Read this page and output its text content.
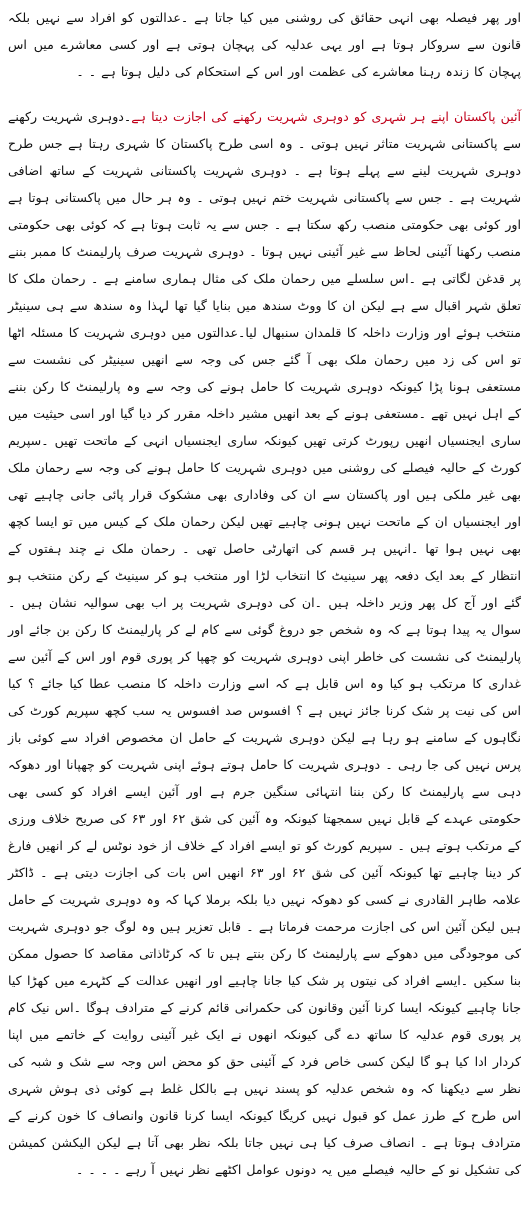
اور پھر فیصلہ بھی انہی حقائق کی روشنی میں کیا جاتا ہے ۔عدالتوں کو افراد سے نہیں بلکہ قانون سے سروکار ہوتا ہے اور یہی عدلیہ کی پہچان ہوتی ہے اور کسی معاشرے میں اس پہچان کا زندہ رہنا معاشرے کی عظمت اور اس کے استحکام کی دلیل ہوتا ہے ۔ ۔

آئین پاکستان اپنے ہر شہری کو دوہری شہریت رکھنے کی اجازت دیتا ہے۔دوہری شہریت رکھنے سے پاکستانی شہریت متاثر نہیں ہوتی ۔ وہ اسی طرح پاکستان کا شہری رہتا ہے جس طرح دوہری شہریت لینے سے پہلے ہوتا ہے ۔ دوہری شہریت پاکستانی شہریت کے ساتھ اضافی شہریت ہے ۔ جس سے پاکستانی شہریت ختم نہیں ہوتی ۔ وہ ہر حال میں پاکستانی ہوتا ہے اور کوئی بھی حکومتی منصب رکھ سکتا ہے ۔ جس سے یہ ثابت ہوتا ہے کہ کوئی بھی حکومتی منصب رکھنا آئینی لحاظ سے غیر آئینی نہیں ہوتا ۔ دوہری شہریت صرف پارلیمنٹ کا ممبر بننے پر قدغن لگاتی ہے ۔اس سلسلے میں رحمان ملک کی مثال ہماری سامنے ہے ۔ رحمان ملک کا تعلق شہر اقبال سے ہے لیکن ان کا ووٹ سندھ میں بنایا گیا تھا لہذا وہ سندھ سے ہی سینیٹر منتخب ہوئے اور وزارت داخلہ کا قلمدان سنبھال لیا۔عدالتوں میں دوہری شہریت کا مسئلہ اٹھا تو اس کی زد میں رحمان ملک بھی آ گئے جس کی وجہ سے انھیں سینیٹر کی نشست سے مستعفی ہونا پڑا کیونکہ دوہری شہریت کا حامل ہونے کی وجہ سے وہ پارلیمنٹ کا رکن بننے کے اہل نہیں تھے ۔مستعفی ہونے کے بعد انھیں مشیر داخلہ مقرر کر دیا گیا اور اسی حیثیت میں ساری ایجنسیاں انھیں رپورٹ کرتی تھیں کیونکہ ساری ایجنسیاں انہی کے ماتحت تھیں ۔سپریم کورٹ کے حالیہ فیصلے کی روشنی میں دوہری شہریت کا حامل ہونے کی وجہ سے رحمان ملک بھی غیر ملکی ہیں اور پاکستان سے ان کی وفاداری بھی مشکوک قرار پائی جانی چاہیے تھی اور ایجنسیاں ان کے ماتحت نہیں ہونی چاہیے تھیں لیکن رحمان ملک کے کیس میں تو ایسا کچھ بھی نہیں ہوا تھا ۔انہیں ہر قسم کی اتھارٹی حاصل تھی ۔ رحمان ملک نے چند ہفتوں کے انتظار کے بعد ایک دفعہ پھر سینیٹ کا انتخاب لڑا اور منتخب ہو کر سینیٹ کے رکن منتخب ہو گئے اور آج کل پھر وزیر داخلہ ہیں ۔ان کی دوہری شہریت پر اب بھی سوالیہ نشان ہیں ۔ سوال یہ پیدا ہوتا ہے کہ وہ شخص جو دروغ گوئی سے کام لے کر پارلیمنٹ کا رکن بن جائے اور پارلیمنٹ کی نشست کی خاطر اپنی دوہری شہریت کو چھپا کر پوری قوم اور اس کے آئین سے غداری کا مرتکب ہو کیا وہ اس قابل ہے کہ اسے وزارت داخلہ کا منصب عطا کیا جائے ؟ کیا اس کی نیت پر شک کرنا جائز نہیں ہے ؟ افسوس صد افسوس یہ سب کچھ سپریم کورٹ کی نگاہوں کے سامنے ہو رہا ہے لیکن دوہری شہریت کے حامل ان مخصوص افراد سے کوئی باز پرس نہیں کی جا رہی ۔ دوہری شہریت کا حامل ہوتے ہوئے اپنی شہریت کو چھپانا اور دھوکہ دہی سے پارلیمنٹ کا رکن بننا انتہائی سنگین جرم ہے اور آئین ایسے افراد کو کسی بھی حکومتی عہدے کے قابل نہیں سمجھتا کیونکہ وہ آئین کی شق ۶۲ اور ۶۳ کی صریح خلاف ورزی کے مرتکب ہوتے ہیں ۔ سپریم کورٹ کو تو ایسے افراد کے خلاف از خود نوٹس لے کر انھیں فارغ کر دینا چاہیے تھا کیونکہ آئین کی شق ۶۲ اور ۶۳ انھیں اس بات کی اجازت دیتی ہے ۔ ڈاکٹر علامہ طاہر القادری نے کسی کو دھوکہ نہیں دیا بلکہ برملا کہا کہ وہ دوہری شہریت کے حامل ہیں لیکن آئین اس کی اجازت مرحمت فرماتا ہے ۔ قابل تعزیر ہیں وہ لوگ جو دوہری شہریت کی موجودگی میں دھوکے سے پارلیمنٹ کا رکن بنتے ہیں تا کہ کرٹاذاتی مقاصد کا حصول ممکن بنا سکیں ۔ایسے افراد کی نیتوں پر شک کیا جانا چاہیے اور انھیں عدالت کے کٹہرے میں کھڑا کیا جانا چاہیے کیونکہ ایسا کرنا آئین وقانون کی حکمرانی قائم کرنے کے مترادف ہوگا ۔اس نیک کام پر پوری قوم عدلیہ کا ساتھ دے گی کیونکہ انھوں نے ایک غیر آئینی روایت کے خاتمے میں اپنا کردار ادا کیا ہو گا لیکن کسی خاص فرد کے آئینی حق کو محض اس وجہ سے شک و شبہ کی نظر سے دیکھنا کہ وہ شخص عدلیہ کو پسند نہیں ہے بالکل غلط ہے کوئی ذی ہوش شہری اس طرح کے طرز عمل کو قبول نہیں کریگا کیونکہ ایسا کرنا قانون وانصاف کا خون کرنے کے مترادف ہوتا ہے ۔ انصاف صرف کیا ہی نہیں جاتا بلکہ نظر بھی آتا ہے لیکن الیکشن کمیشن کی تشکیل نو کے حالیہ فیصلے میں یہ دونوں عوامل اکٹھے نظر نہیں آ رہے ۔ ۔ ۔ ۔
